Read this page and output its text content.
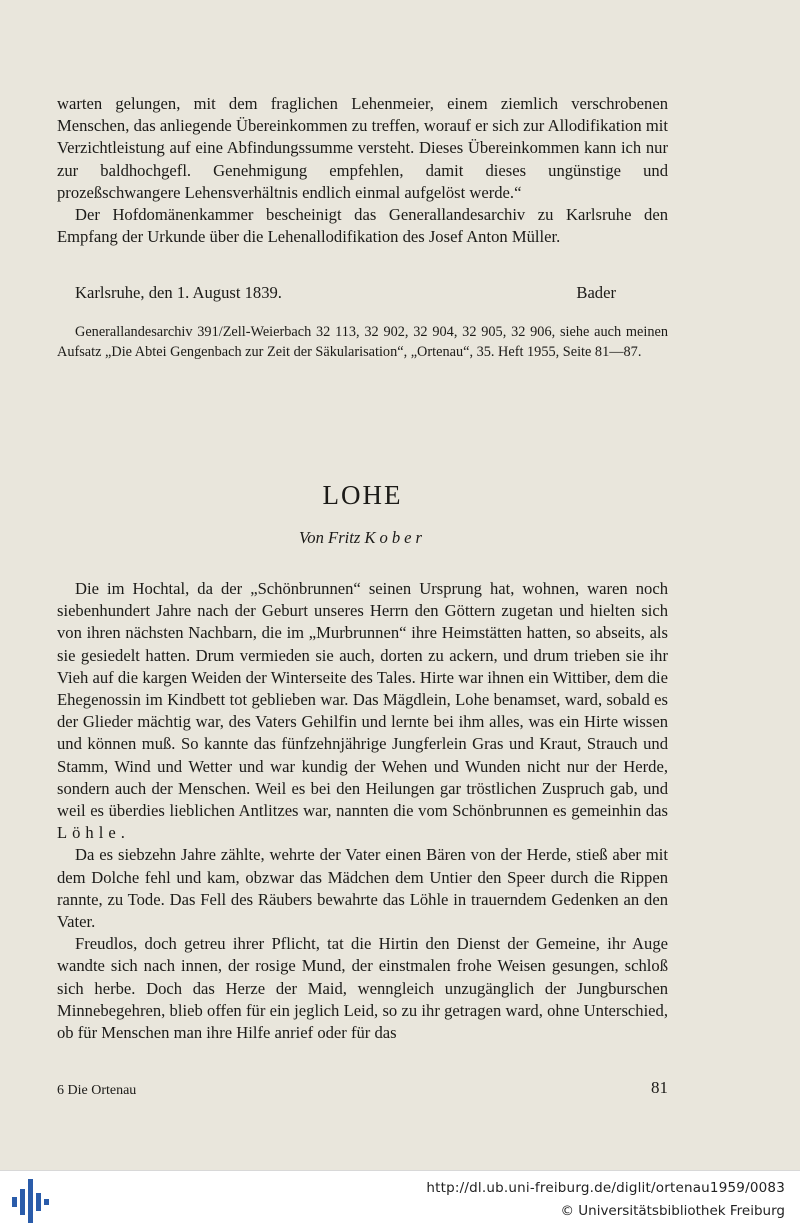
warten gelungen, mit dem fraglichen Lehenmeier, einem ziemlich verschrobenen Menschen, das anliegende Übereinkommen zu treffen, worauf er sich zur Allodifikation mit Verzichtleistung auf eine Abfindungssumme versteht. Dieses Übereinkommen kann ich nur zur baldhochgefl. Genehmigung empfehlen, damit dieses ungünstige und prozeßschwangere Lehensverhältnis endlich einmal aufgelöst werde.“

Der Hofdomänenkammer bescheinigt das Generallandesarchiv zu Karlsruhe den Empfang der Urkunde über die Lehenallodifikation des Josef Anton Müller.

Karlsruhe, den 1. August 1839.	Bader

Generallandesarchiv 391/Zell-Weierbach 32 113, 32 902, 32 904, 32 905, 32 906, siehe auch meinen Aufsatz „Die Abtei Gengenbach zur Zeit der Säkularisation“, „Ortenau“, 35. Heft 1955, Seite 81—87.

LOHE
Von Fritz Kober

Die im Hochtal, da der „Schönbrunnen“ seinen Ursprung hat, wohnen, waren noch siebenhundert Jahre nach der Geburt unseres Herrn den Göttern zugetan und hielten sich von ihren nächsten Nachbarn, die im „Murbrunnen“ ihre Heimstätten hatten, so abseits, als sie gesiedelt hatten. Drum vermieden sie auch, dorten zu ackern, und drum trieben sie ihr Vieh auf die kargen Weiden der Winterseite des Tales. Hirte war ihnen ein Wittiber, dem die Ehegenossin im Kindbett tot geblieben war. Das Mägdlein, Lohe benamset, ward, sobald es der Glieder mächtig war, des Vaters Gehilfin und lernte bei ihm alles, was ein Hirte wissen und können muß. So kannte das fünfzehnjährige Jungferlein Gras und Kraut, Strauch und Stamm, Wind und Wetter und war kundig der Wehen und Wunden nicht nur der Herde, sondern auch der Menschen. Weil es bei den Heilungen gar tröstlichen Zuspruch gab, und weil es überdies lieblichen Antlitzes war, nannten die vom Schönbrunnen es gemeinhin das Löhle.

Da es siebzehn Jahre zählte, wehrte der Vater einen Bären von der Herde, stieß aber mit dem Dolche fehl und kam, obzwar das Mädchen dem Untier den Speer durch die Rippen rannte, zu Tode. Das Fell des Räubers bewahrte das Löhle in trauerndem Gedenken an den Vater.

Freudlos, doch getreu ihrer Pflicht, tat die Hirtin den Dienst der Gemeine, ihr Auge wandte sich nach innen, der rosige Mund, der einstmalen frohe Weisen gesungen, schloß sich herbe. Doch das Herze der Maid, wenngleich unzugänglich der Jungburschen Minnebegehren, blieb offen für ein jeglich Leid, so zu ihr getragen ward, ohne Unterschied, ob für Menschen man ihre Hilfe anrief oder für das

6 Die Ortenau	81
http://dl.ub.uni-freiburg.de/diglit/ortenau1959/0083
© Universitätsbibliothek Freiburg
